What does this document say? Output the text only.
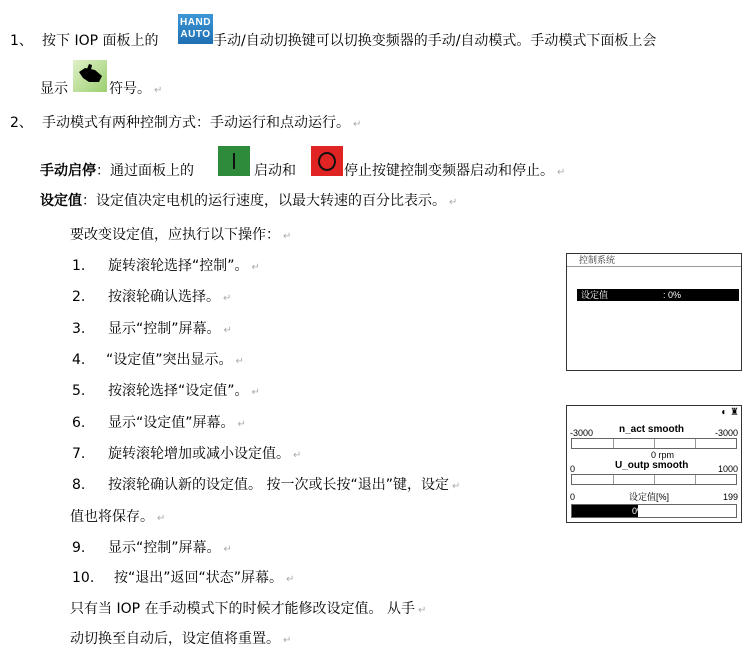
1、 按下 IOP 面板上的
HAND
AUTO 手动/自动切换键可以切换变频器的手动/自动模式。手动模式下面板上会
显示	符号。 ↵
2、 手动模式有两种控制方式：手动运行和点动运行。 ↵
手动启停 ：通过面板上的	启动和	停止按键控制变频器启动和停止。 ↵
设定值 ：设定值决定电机的运行速度，以最大转速的百分比表示。 ↵
要改变设定值，应执行以下操作： ↵
1. 旋转滚轮选择“控制”。 ↵
2. 按滚轮确认选择。 ↵
3. 显示“控制”屏幕。 ↵
4. “设定值”突出显示。 ↵
5. 按滚轮选择“设定值”。 ↵
6. 显示“设定值”屏幕。 ↵
7. 旋转滚轮增加或减小设定值。 ↵
8. 按滚轮确认新的设定值。 按一次或长按“退出”键，设定 ↵
值也将保存。 ↵
9. 显示“控制”屏幕。 ↵
10. 按“退出”返回“状态”屏幕。 ↵
只有当 IOP 在手动模式下的时候才能修改设定值。 从手 ↵
动切换至自动后，设定值将重置。 ↵
控制系统
设定值	: 0%
◐ ♜
-3000	n_act smooth	-3000
0 rpm
0	U_outp smooth	1000
0	设定值[%]	199
0%
